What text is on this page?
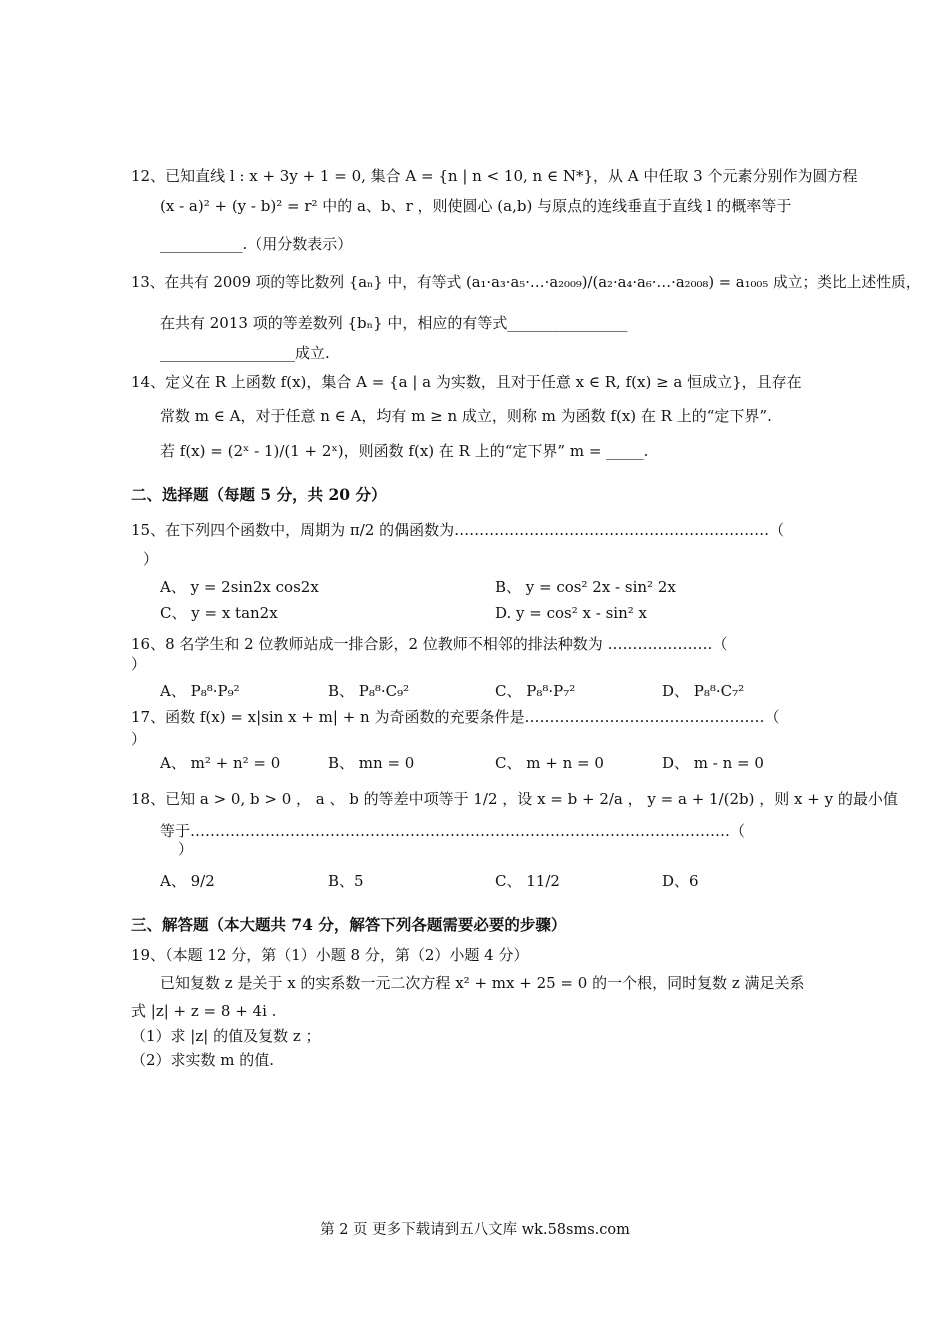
12、已知直线 l : x + 3y + 1 = 0, 集合 A = {n | n < 10, n ∈ N*}，从 A 中任取 3 个元素分别作为圆方程
(x - a)² + (y - b)² = r² 中的 a、b、r ，则使圆心 (a,b) 与原点的连线垂直于直线 l 的概率等于
___________.（用分数表示）
13、在共有 2009 项的等比数列 {aₙ} 中，有等式 (a₁·a₃·a₅·…·a₂₀₀₉)/(a₂·a₄·a₆·…·a₂₀₀₈) = a₁₀₀₅ 成立；类比上述性质，
在共有 2013 项的等差数列 {bₙ} 中，相应的有等式________________
__________________成立.
14、定义在 R 上函数 f(x)，集合 A = {a | a 为实数，且对于任意 x ∈ R, f(x) ≥ a 恒成立}，且存在
常数 m ∈ A，对于任意 n ∈ A，均有 m ≥ n 成立，则称 m 为函数 f(x) 在 R 上的“定下界”.
若 f(x) = (2ˣ - 1)/(1 + 2ˣ)，则函数 f(x) 在 R 上的“定下界” m = _____.
二、选择题（每题 5 分，共 20 分）
15、在下列四个函数中，周期为 π/2 的偶函数为………………………………………………………（
）
A、 y = 2sin2x cos2x	B、 y = cos² 2x - sin² 2x
C、 y = x tan2x	D. y = cos² x - sin² x
16、8 名学生和 2 位教师站成一排合影，2 位教师不相邻的排法种数为 …………………（
）
A、 P₈⁸·P₉²	B、 P₈⁸·C₉²	C、 P₈⁸·P₇²	D、 P₈⁸·C₇²
17、函数 f(x) = x|sin x + m| + n 为奇函数的充要条件是…………………………………………（
）
A、 m² + n² = 0	B、 mn = 0	C、 m + n = 0	D、 m - n = 0
18、已知 a > 0, b > 0 ， a 、 b 的等差中项等于 1/2 ，设 x = b + 2/a ， y = a + 1/(2b) ，则 x + y 的最小值
等于………………………………………………………………………………………………（
）
A、 9/2	B、5	C、 11/2	D、6
三、解答题（本大题共 74 分，解答下列各题需要必要的步骤）
19、（本题 12 分，第（1）小题 8 分，第（2）小题 4 分）
已知复数 z 是关于 x 的实系数一元二次方程 x² + mx + 25 = 0 的一个根，同时复数 z 满足关系
式 |z| + z = 8 + 4i .
（1）求 |z| 的值及复数 z ；
（2）求实数 m 的值.
第 2 页 更多下载请到五八文库 wk.58sms.com
